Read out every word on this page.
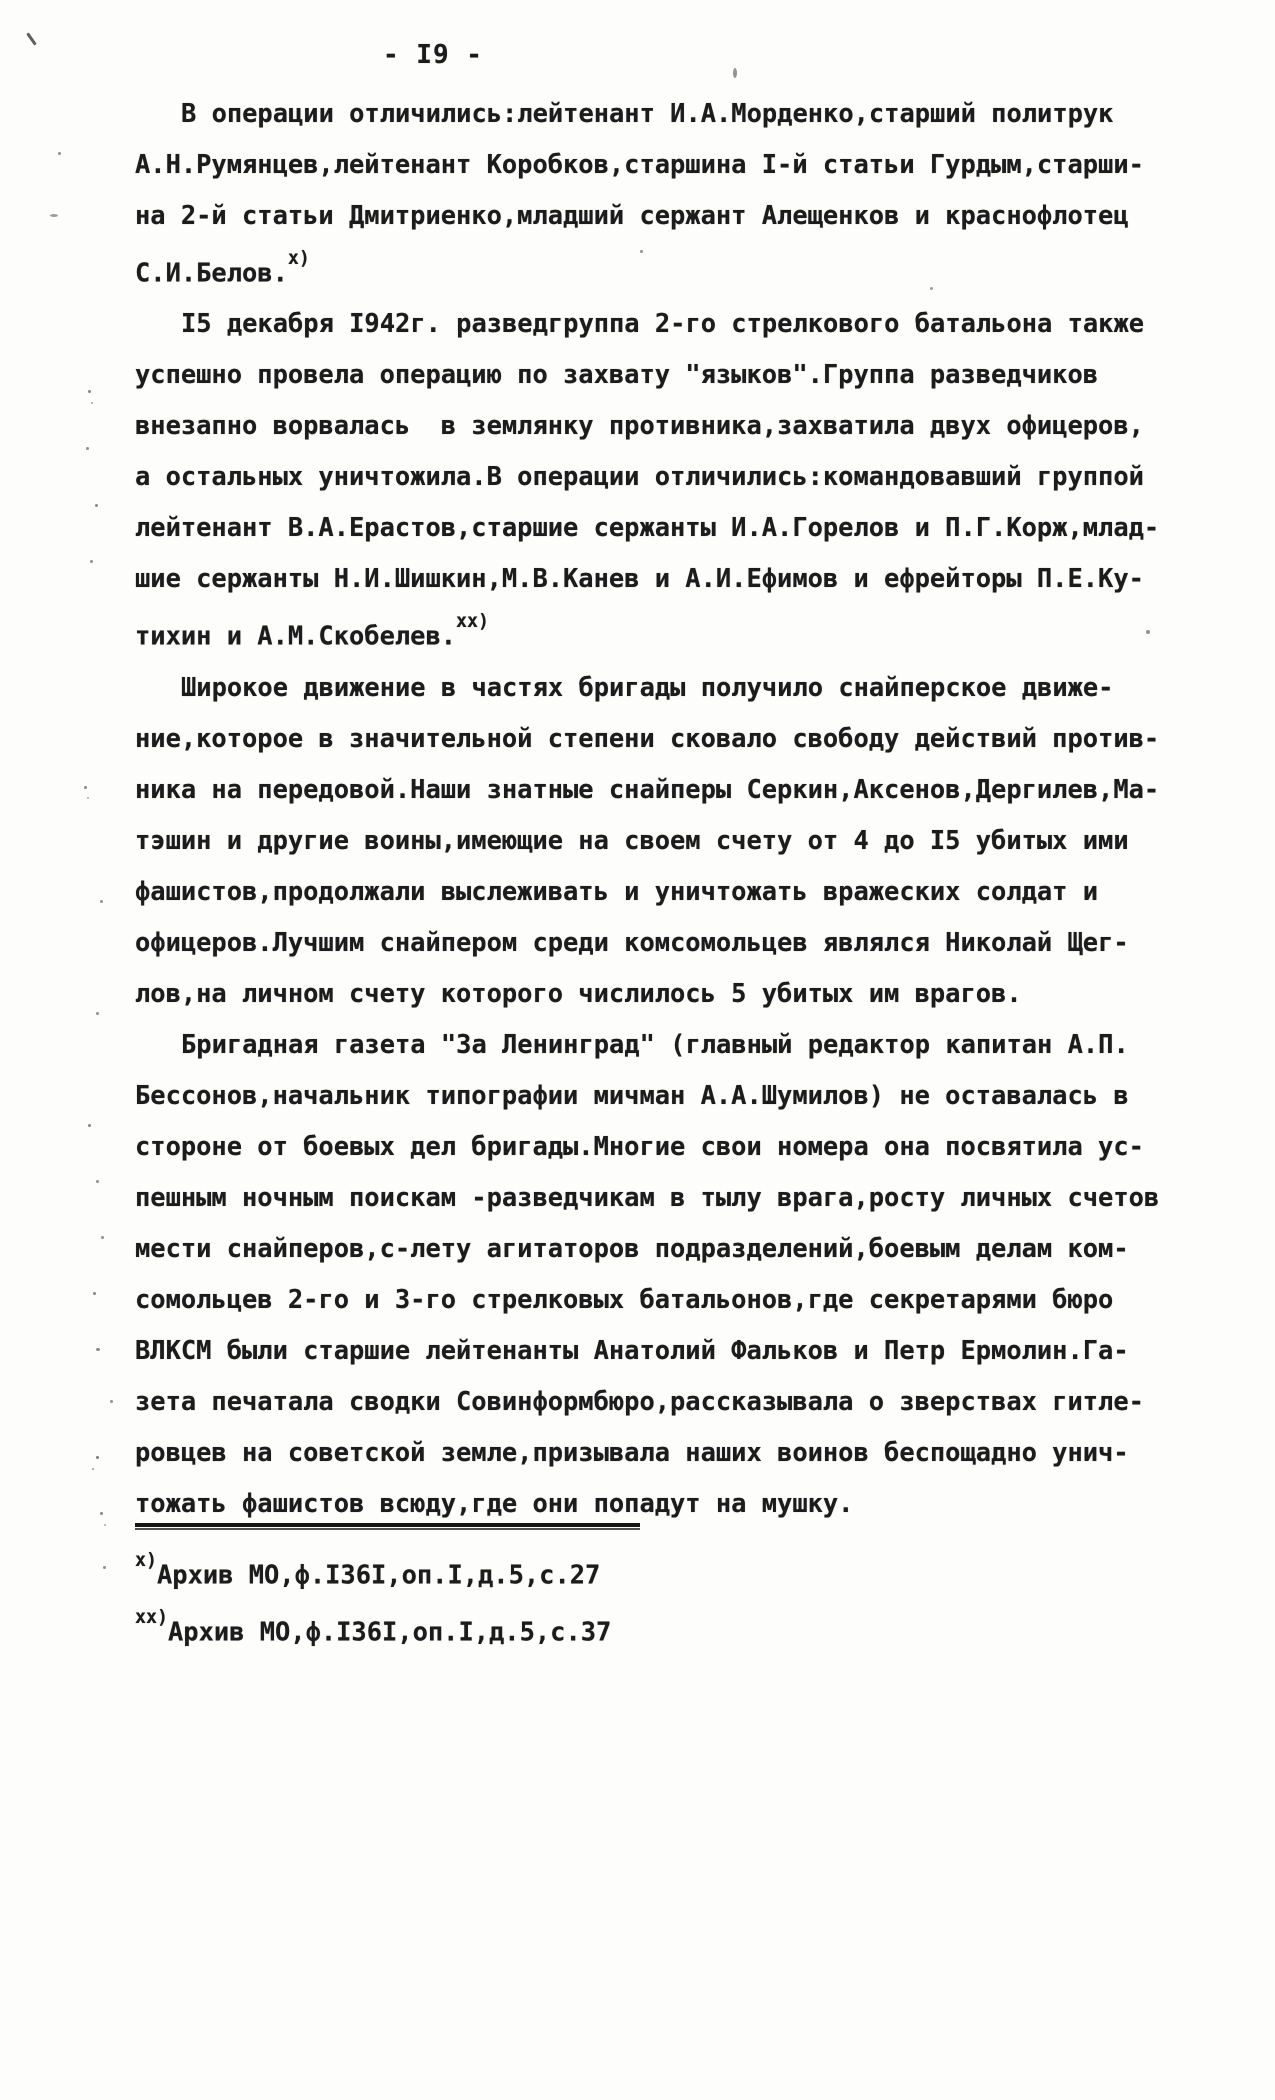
- I9 -
В операции отличились:лейтенант И.А.Морденко,старший политрук
А.Н.Румянцев,лейтенант Коробков,старшина I-й статьи Гурдым,старши-
на 2-й статьи Дмитриенко,младший сержант Алещенков и краснофлотец
С.И.Белов.$^{х)}$
I5 декабря I942г. разведгруппа 2-го стрелкового батальона также
успешно провела операцию по захвату "языков".Группа разведчиков
внезапно ворвалась  в землянку противника,захватила двух офицеров,
а остальных уничтожила.В операции отличились:командовавший группой
лейтенант В.А.Ерастов,старшие сержанты И.А.Горелов и П.Г.Корж,млад-
шие сержанты Н.И.Шишкин,М.В.Канев и А.И.Ефимов и ефрейторы П.Е.Ку-
тихин и А.М.Скобелев.$^{хх)}$
Широкое движение в частях бригады получило снайперское движе-
ние,которое в значительной степени сковало свободу действий против-
ника на передовой.Наши знатные снайперы Серкин,Аксенов,Дергилев,Ма-
тэшин и другие воины,имеющие на своем счету от 4 до I5 убитых ими
фашистов,продолжали выслеживать и уничтожать вражеских солдат и
офицеров.Лучшим снайпером среди комсомольцев являлся Николай Щег-
лов,на личном счету которого числилось 5 убитых им врагов.
Бригадная газета "За Ленинград" (главный редактор капитан А.П.
Бессонов,начальник типографии мичман А.А.Шумилов) не оставалась в
стороне от боевых дел бригады.Многие свои номера она посвятила ус-
пешным ночным поискам -разведчикам в тылу врага,росту личных счетов
мести снайперов,с-лету агитаторов подразделений,боевым делам ком-
сомольцев 2-го и 3-го стрелковых батальонов,где секретарями бюро
ВЛКСМ были старшие лейтенанты Анатолий Фальков и Петр Ермолин.Га-
зета печатала сводки Совинформбюро,рассказывала о зверствах гитле-
ровцев на советской земле,призывала наших воинов беспощадно унич-
тожать фашистов всюду,где они попадут на мушку.
$^{х)}$Архив МО,ф.I36I,оп.I,д.5,с.27
$^{хх)}$Архив МО,ф.I36I,оп.I,д.5,с.37
